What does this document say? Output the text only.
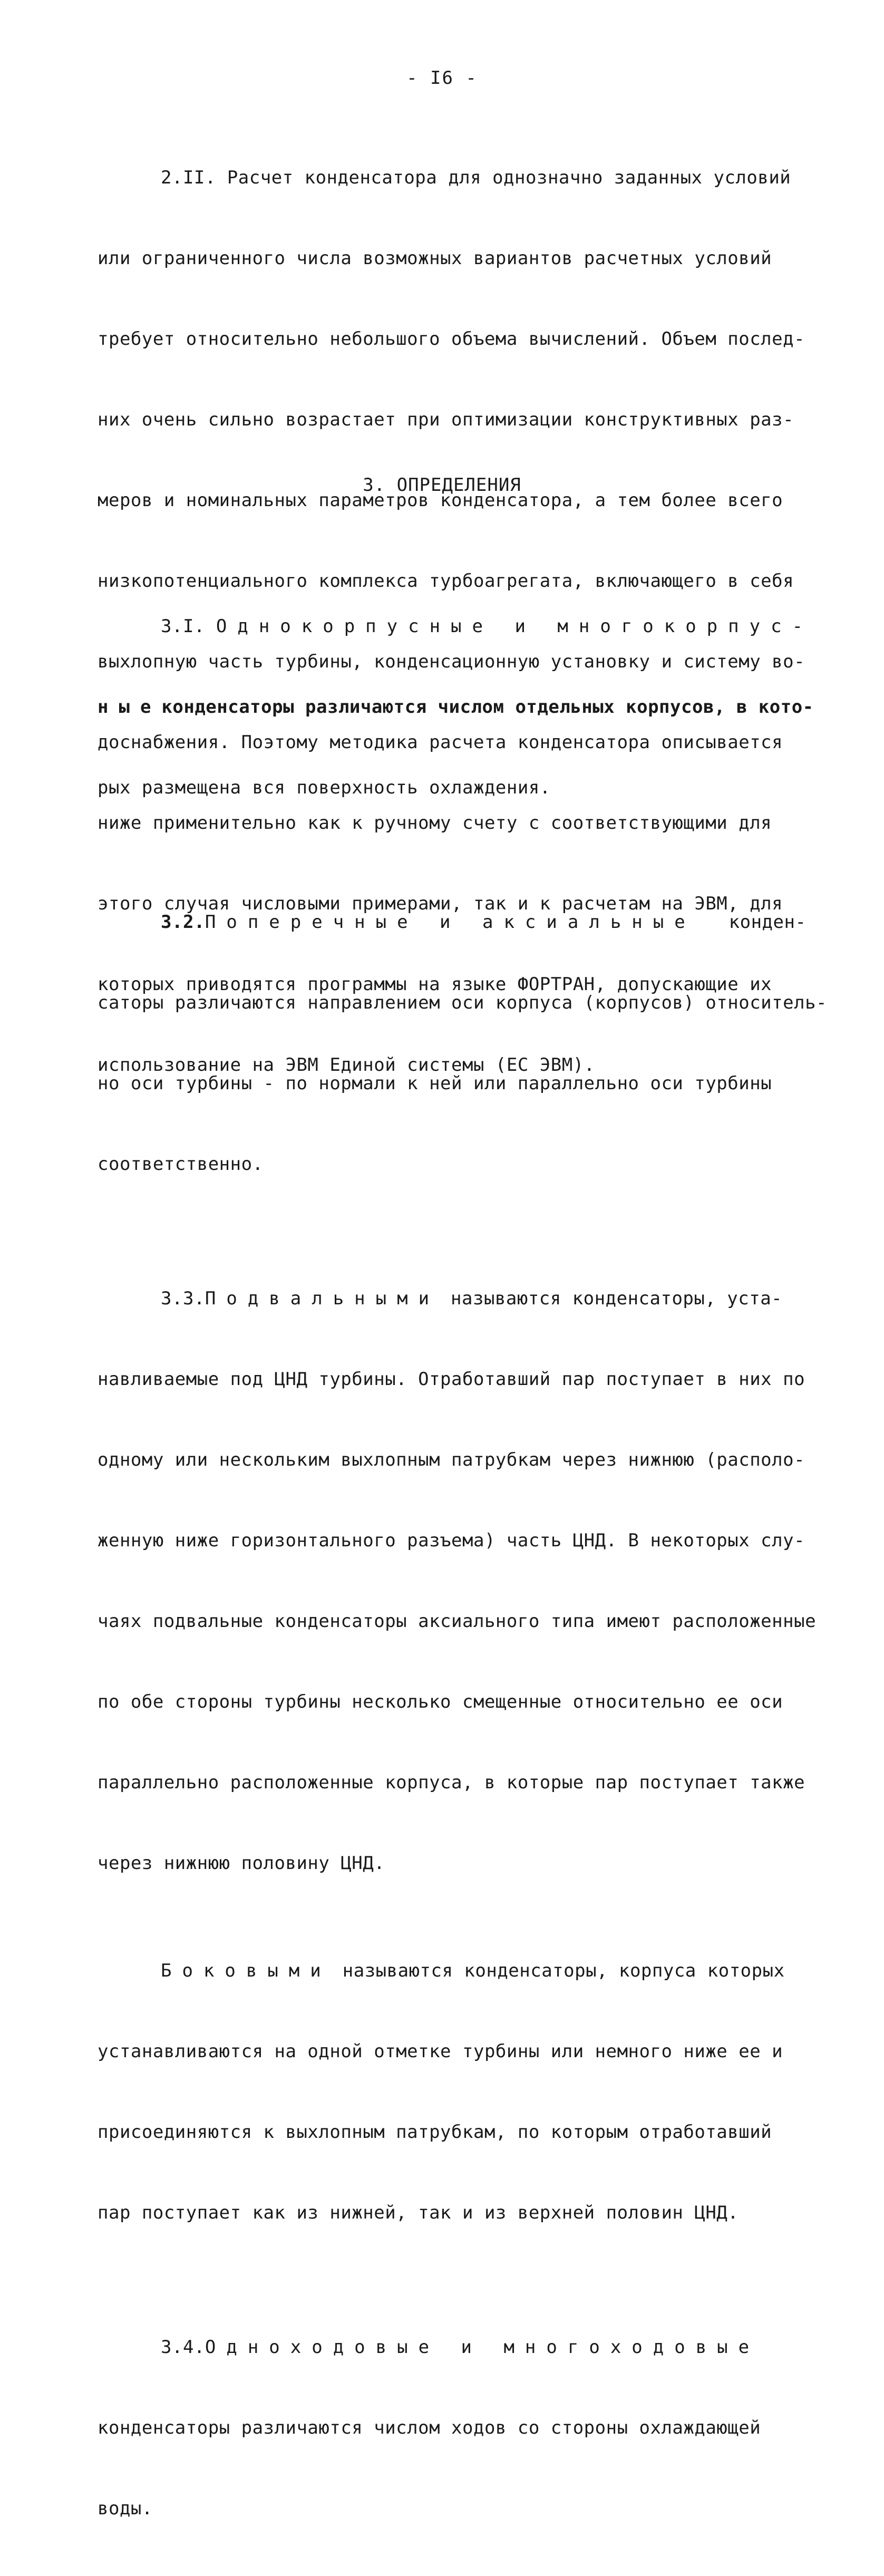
- I6 -

2.II. Расчет конденсатора для однозначно заданных условий

или ограниченного числа возможных вариантов расчетных условий

требует относительно небольшого объема вычислений. Объем послед-

них очень сильно возрастает при оптимизации конструктивных раз-

меров и номинальных параметров конденсатора, а тем более всего

низкопотенциального комплекса турбоагрегата, включающего в себя

выхлопную часть турбины, конденсационную установку и систему во-

доснабжения. Поэтому методика расчета конденсатора описывается

ниже применительно как к ручному счету с соответствующими для

этого случая числовыми примерами, так и к расчетам на ЭВМ, для

которых приводятся программы на языке ФОРТРАН, допускающие их

использование на ЭВМ Единой системы (ЕС ЭВМ).

3. ОПРЕДЕЛЕНИЯ

3.I. Однокорпусные и многокорпус-

ныеконденсаторы различаются числом отдельных корпусов, в кото-

рых размещена вся поверхность охлаждения.

3.2.Поперечные и аксиальные конден-

саторы различаются направлением оси корпуса (корпусов) относитель-

но оси турбины - по нормали к ней или параллельно оси турбины

соответственно.

3.3.Подвальными называются конденсаторы, уста-

навливаемые под ЦНД турбины. Отработавший пар поступает в них по

одному или нескольким выхлопным патрубкам через нижнюю (располо-

женную ниже горизонтального разъема) часть ЦНД. В некоторых слу-

чаях подвальные конденсаторы аксиального типа имеют расположенные

по обе стороны турбины несколько смещенные относительно ее оси

параллельно расположенные корпуса, в которые пар поступает также

через нижнюю половину ЦНД.

Боковыми называются конденсаторы, корпуса которых

устанавливаются на одной отметке турбины или немного ниже ее и

присоединяются к выхлопным патрубкам, по которым отработавший

пар поступает как из нижней, так и из верхней половин ЦНД.

3.4.Одноходовые и многоходовые

конденсаторы различаются числом ходов со стороны охлаждающей

воды.
